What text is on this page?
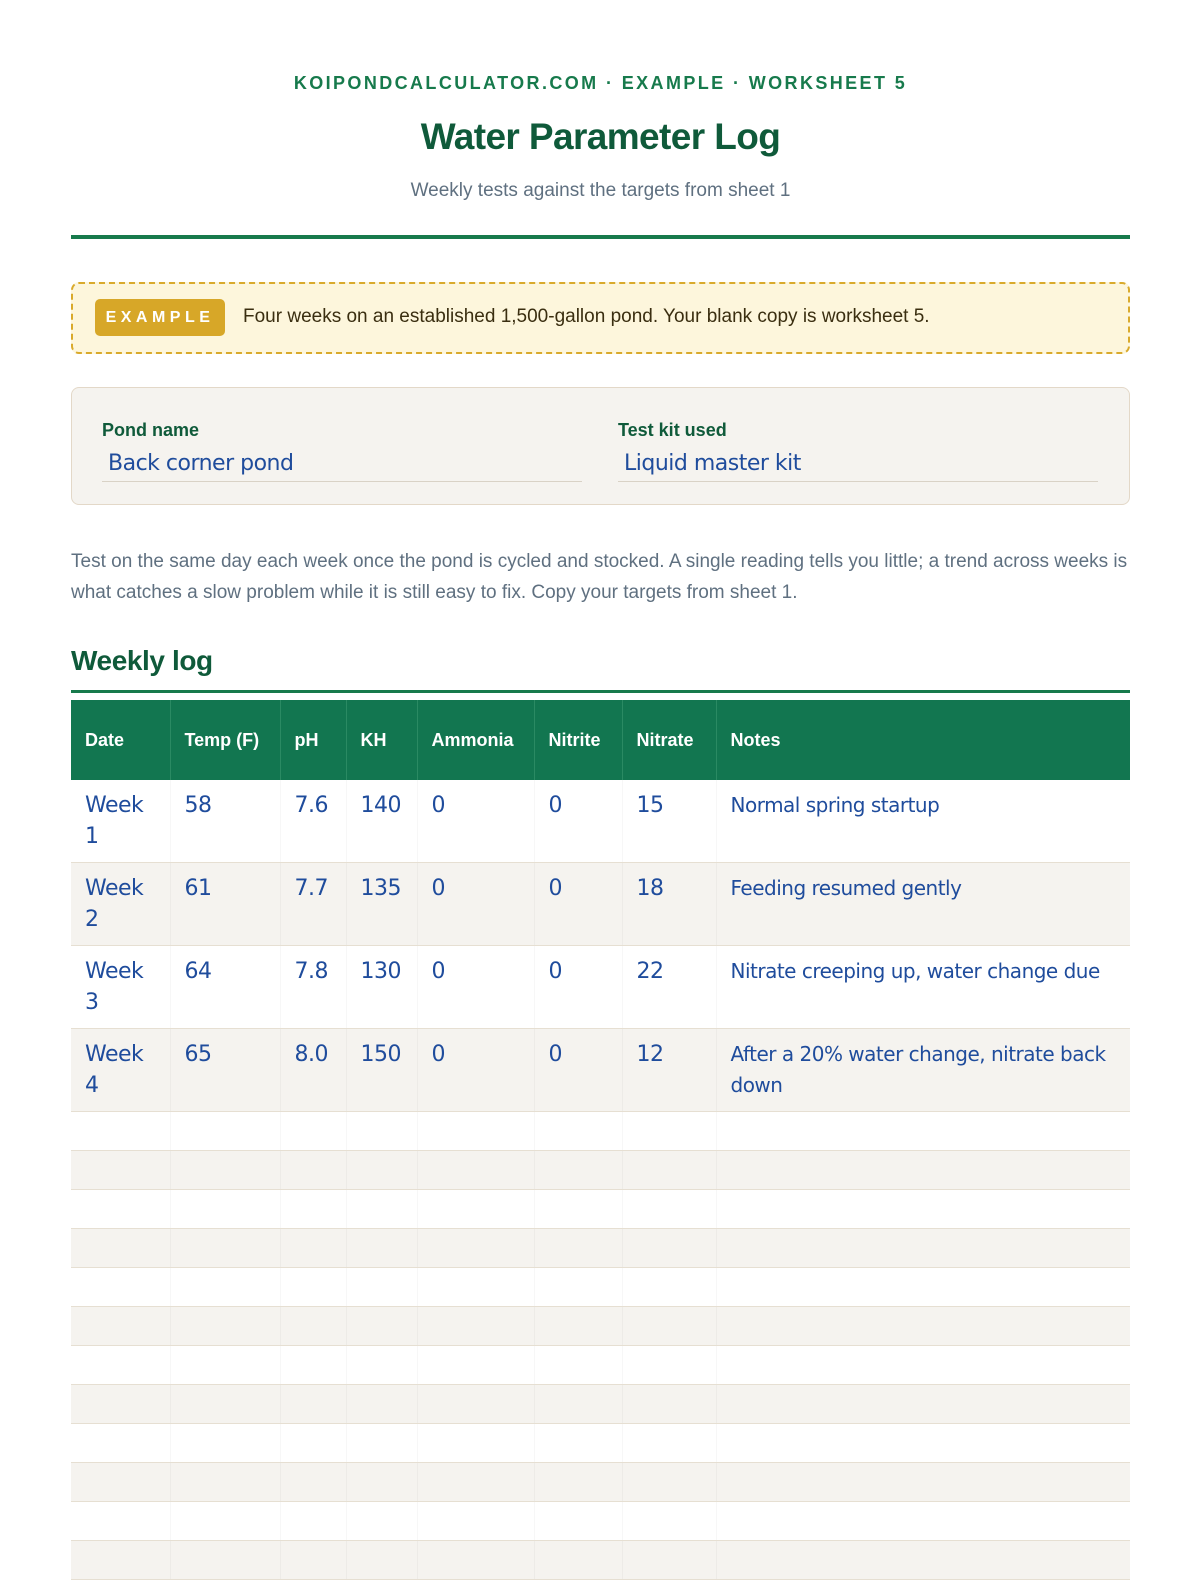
KOIPONDCALCULATOR.COM · EXAMPLE · WORKSHEET 5
Water Parameter Log
Weekly tests against the targets from sheet 1
EXAMPLE	Four weeks on an established 1,500-gallon pond. Your blank copy is worksheet 5.
Pond name
Back corner pond
Test kit used
Liquid master kit
Test on the same day each week once the pond is cycled and stocked. A single reading tells you little; a trend across weeks is what catches a slow problem while it is still easy to fix. Copy your targets from sheet 1.
Weekly log
Date	Temp (F)	pH	KH	Ammonia	Nitrite	Nitrate	Notes
Week 1	58	7.6	140	0	0	15	Normal spring startup
Week 2	61	7.7	135	0	0	18	Feeding resumed gently
Week 3	64	7.8	130	0	0	22	Nitrate creeping up, water change due
Week 4	65	8.0	150	0	0	12	After a 20% water change, nitrate back down
